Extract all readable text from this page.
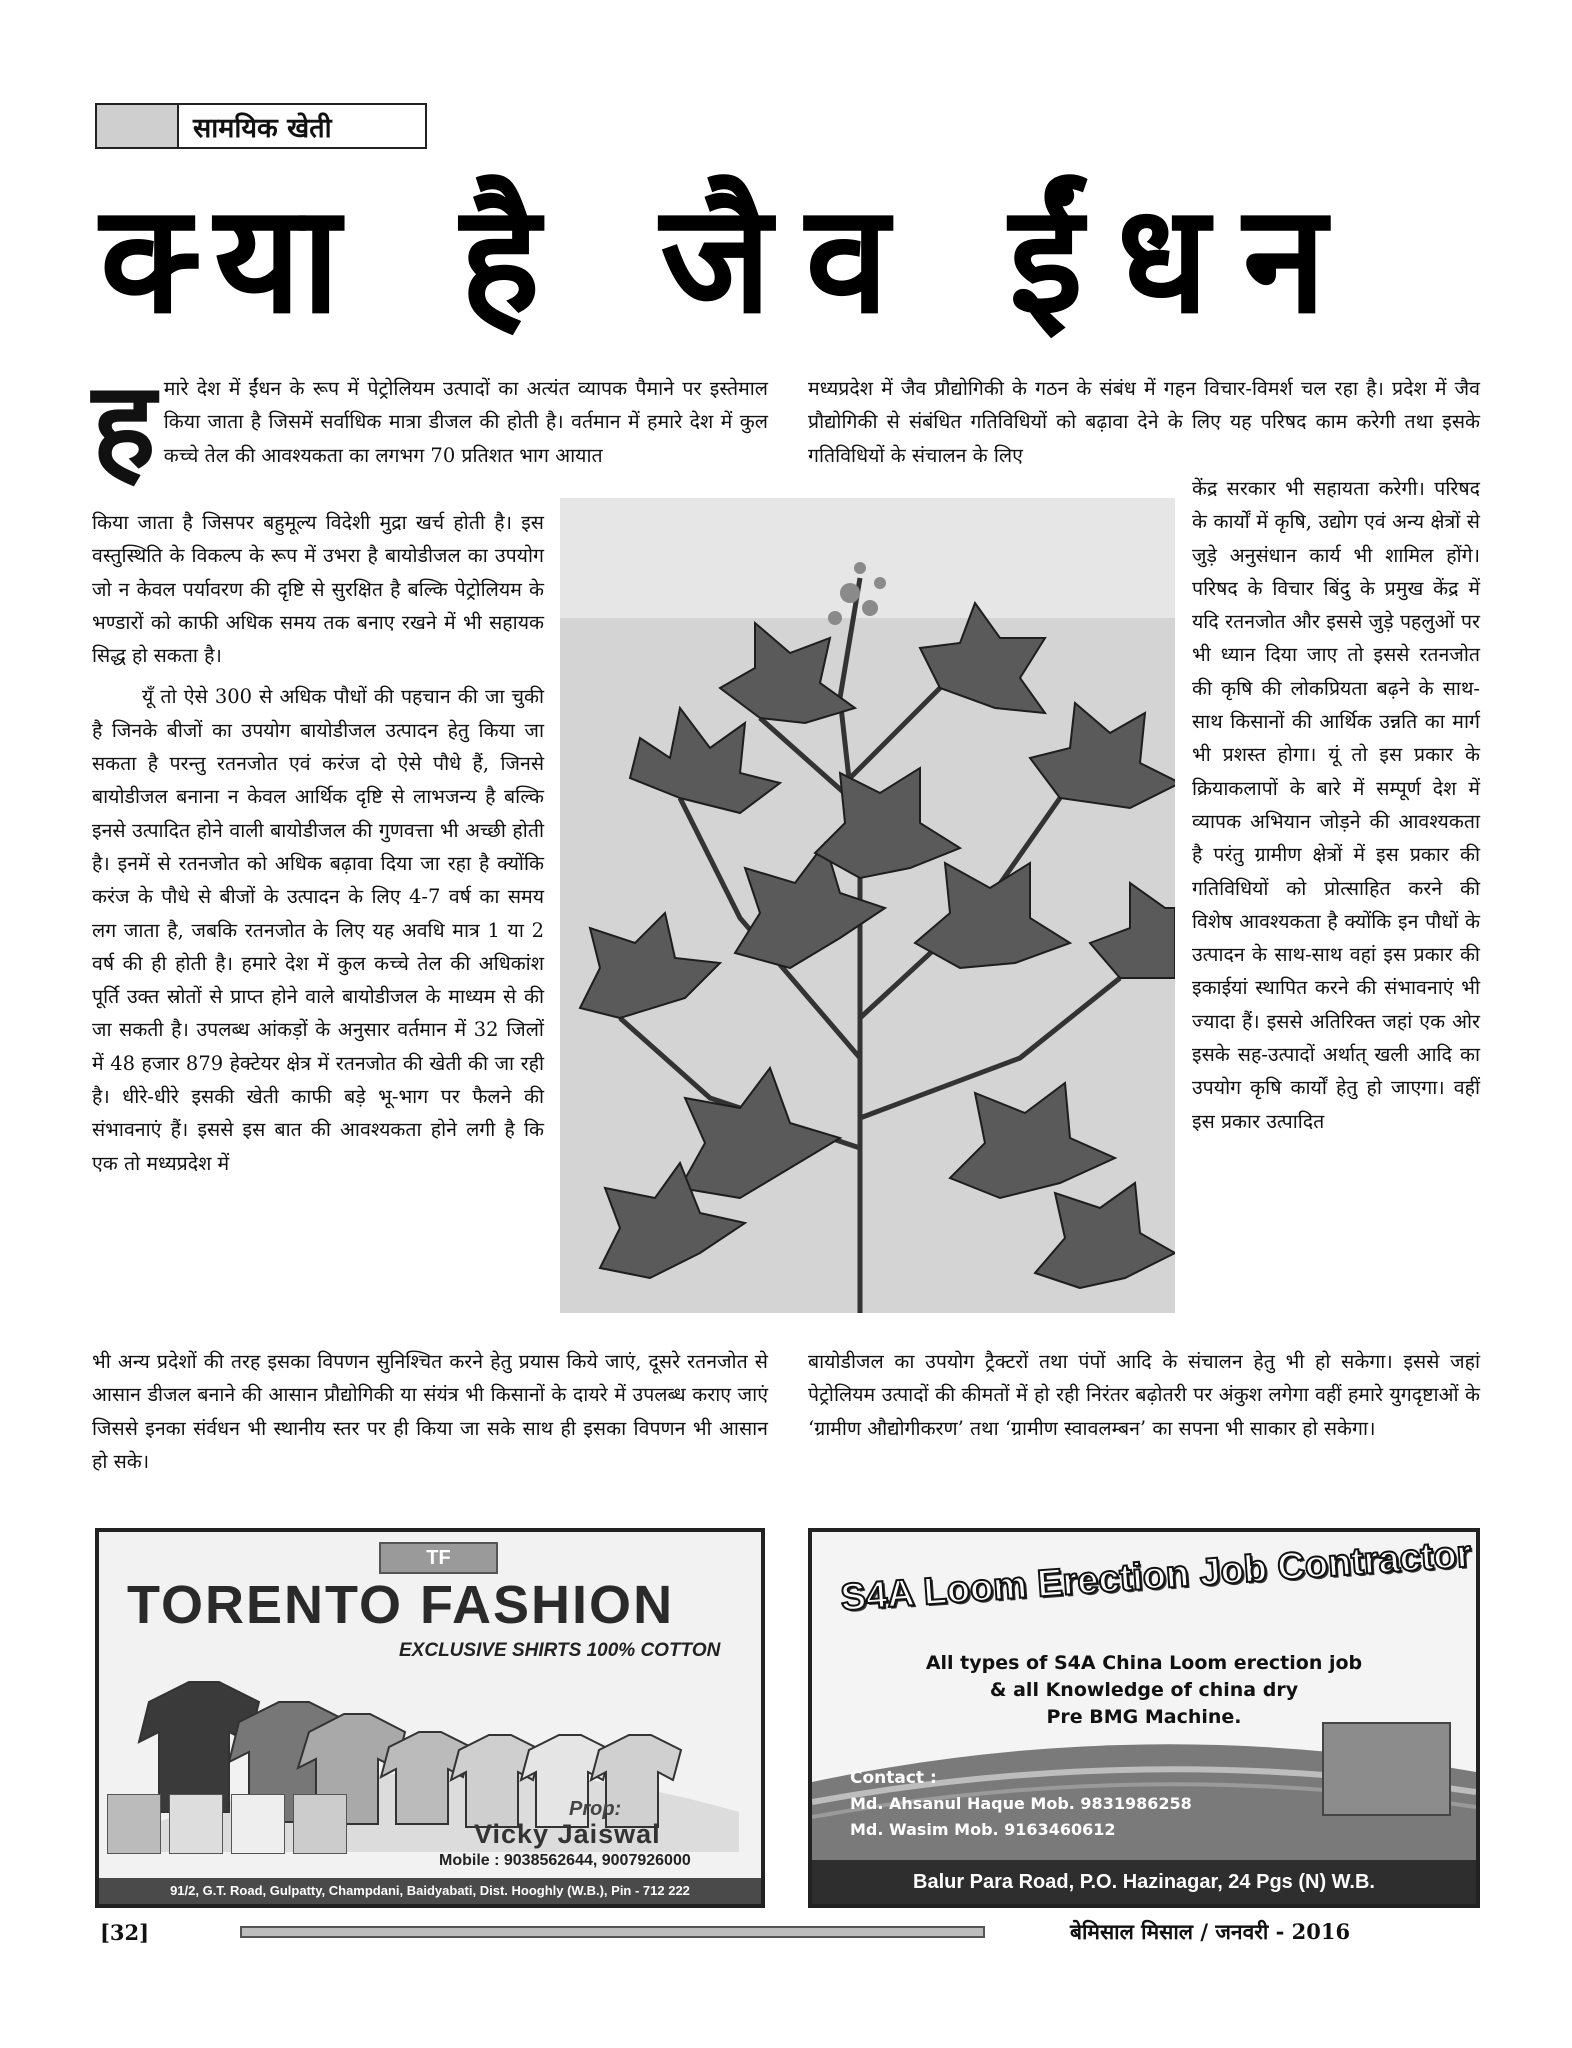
सामयिक खेती
क्या है जैव ईंधन
ह मारे देश में ईंधन के रूप में पेट्रोलियम उत्पादों का अत्यंत व्यापक पैमाने पर इस्तेमाल किया जाता है जिसमें सर्वाधिक मात्रा डीजल की होती है। वर्तमान में हमारे देश में कुल कच्चे तेल की आवश्यकता का लगभग 70 प्रतिशत भाग आयात

किया जाता है जिसपर बहुमूल्य विदेशी मुद्रा खर्च होती है। इस वस्तुस्थिति के विकल्प के रूप में उभरा है बायोडीजल का उपयोग जो न केवल पर्यावरण की दृष्टि से सुरक्षित है बल्कि पेट्रोलियम के भण्डारों को काफी अधिक समय तक बनाए रखने में भी सहायक सिद्ध हो सकता है।

यूँ तो ऐसे 300 से अधिक पौधों की पहचान की जा चुकी है जिनके बीजों का उपयोग बायोडीजल उत्पादन हेतु किया जा सकता है परन्तु रतनजोत एवं करंज दो ऐसे पौधे हैं, जिनसे बायोडीजल बनाना न केवल आर्थिक दृष्टि से लाभजन्य है बल्कि इनसे उत्पादित होने वाली बायोडीजल की गुणवत्ता भी अच्छी होती है। इनमें से रतनजोत को अधिक बढ़ावा दिया जा रहा है क्योंकि करंज के पौधे से बीजों के उत्पादन के लिए 4-7 वर्ष का समय लग जाता है, जबकि रतनजोत के लिए यह अवधि मात्र 1 या 2 वर्ष की ही होती है। हमारे देश में कुल कच्चे तेल की अधिकांश पूर्ति उक्त स्रोतों से प्राप्त होने वाले बायोडीजल के माध्यम से की जा सकती है। उपलब्ध आंकड़ों के अनुसार वर्तमान में 32 जिलों में 48 हजार 879 हेक्टेयर क्षेत्र में रतनजोत की खेती की जा रही है। धीरे-धीरे इसकी खेती काफी बड़े भू-भाग पर फैलने की संभावनाएं हैं। इससे इस बात की आवश्यकता होने लगी है कि एक तो मध्यप्रदेश में

भी अन्य प्रदेशों की तरह इसका विपणन सुनिश्चित करने हेतु प्रयास किये जाएं, दूसरे रतनजोत से आसान डीजल बनाने की आसान प्रौद्योगिकी या संयंत्र भी किसानों के दायरे में उपलब्ध कराए जाएं जिससे इनका संर्वधन भी स्थानीय स्तर पर ही किया जा सके साथ ही इसका विपणन भी आसान हो सके।

मध्यप्रदेश में जैव प्रौद्योगिकी के गठन के संबंध में गहन विचार-विमर्श चल रहा है। प्रदेश में जैव प्रौद्योगिकी से संबंधित गतिविधियों को बढ़ावा देने के लिए यह परिषद काम करेगी तथा इसके गतिविधियों के संचालन के लिए

केंद्र सरकार भी सहायता करेगी। परिषद के कार्यों में कृषि, उद्योग एवं अन्य क्षेत्रों से जुड़े अनुसंधान कार्य भी शामिल होंगे। परिषद के विचार बिंदु के प्रमुख केंद्र में यदि रतनजोत और इससे जुड़े पहलुओं पर भी ध्यान दिया जाए तो इससे रतनजोत की कृषि की लोकप्रियता बढ़ने के साथ-साथ किसानों की आर्थिक उन्नति का मार्ग भी प्रशस्त होगा। यूं तो इस प्रकार के क्रियाकलापों के बारे में सम्पूर्ण देश में व्यापक अभियान जोड़ने की आवश्यकता है परंतु ग्रामीण क्षेत्रों में इस प्रकार की गतिविधियों को प्रोत्साहित करने की विशेष आवश्यकता है क्योंकि इन पौधों के उत्पादन के साथ-साथ वहां इस प्रकार की इकाईयां स्थापित करने की संभावनाएं भी ज्यादा हैं। इससे अतिरिक्त जहां एक ओर इसके सह-उत्पादों अर्थात् खली आदि का उपयोग कृषि कार्यों हेतु हो जाएगा। वहीं इस प्रकार उत्पादित

बायोडीजल का उपयोग ट्रैक्टरों तथा पंपों आदि के संचालन हेतु भी हो सकेगा। इससे जहां पेट्रोलियम उत्पादों की कीमतों में हो रही निरंतर बढ़ोतरी पर अंकुश लगेगा वहीं हमारे युगदृष्टाओं के ‘ग्रामीण औद्योगीकरण’ तथा ‘ग्रामीण स्वावलम्बन’ का सपना भी साकार हो सकेगा।

TF
TORENTO FASHION
EXCLUSIVE SHIRTS 100% COTTON
Prop:
Vicky Jaiswal
Mobile : 9038562644, 9007926000
91/2, G.T. Road, Gulpatty, Champdani, Baidyabati, Dist. Hooghly (W.B.), Pin - 712 222
S4A Loom Erection Job Contractor
All types of S4A China Loom erection job
& all Knowledge of china dry
Pre BMG Machine.
Contact :
Md. Ahsanul Haque Mob. 9831986258
Md. Wasim Mob. 9163460612
Balur Para Road, P.O. Hazinagar, 24 Pgs (N) W.B.
[32]	बेमिसाल मिसाल / जनवरी - 2016
